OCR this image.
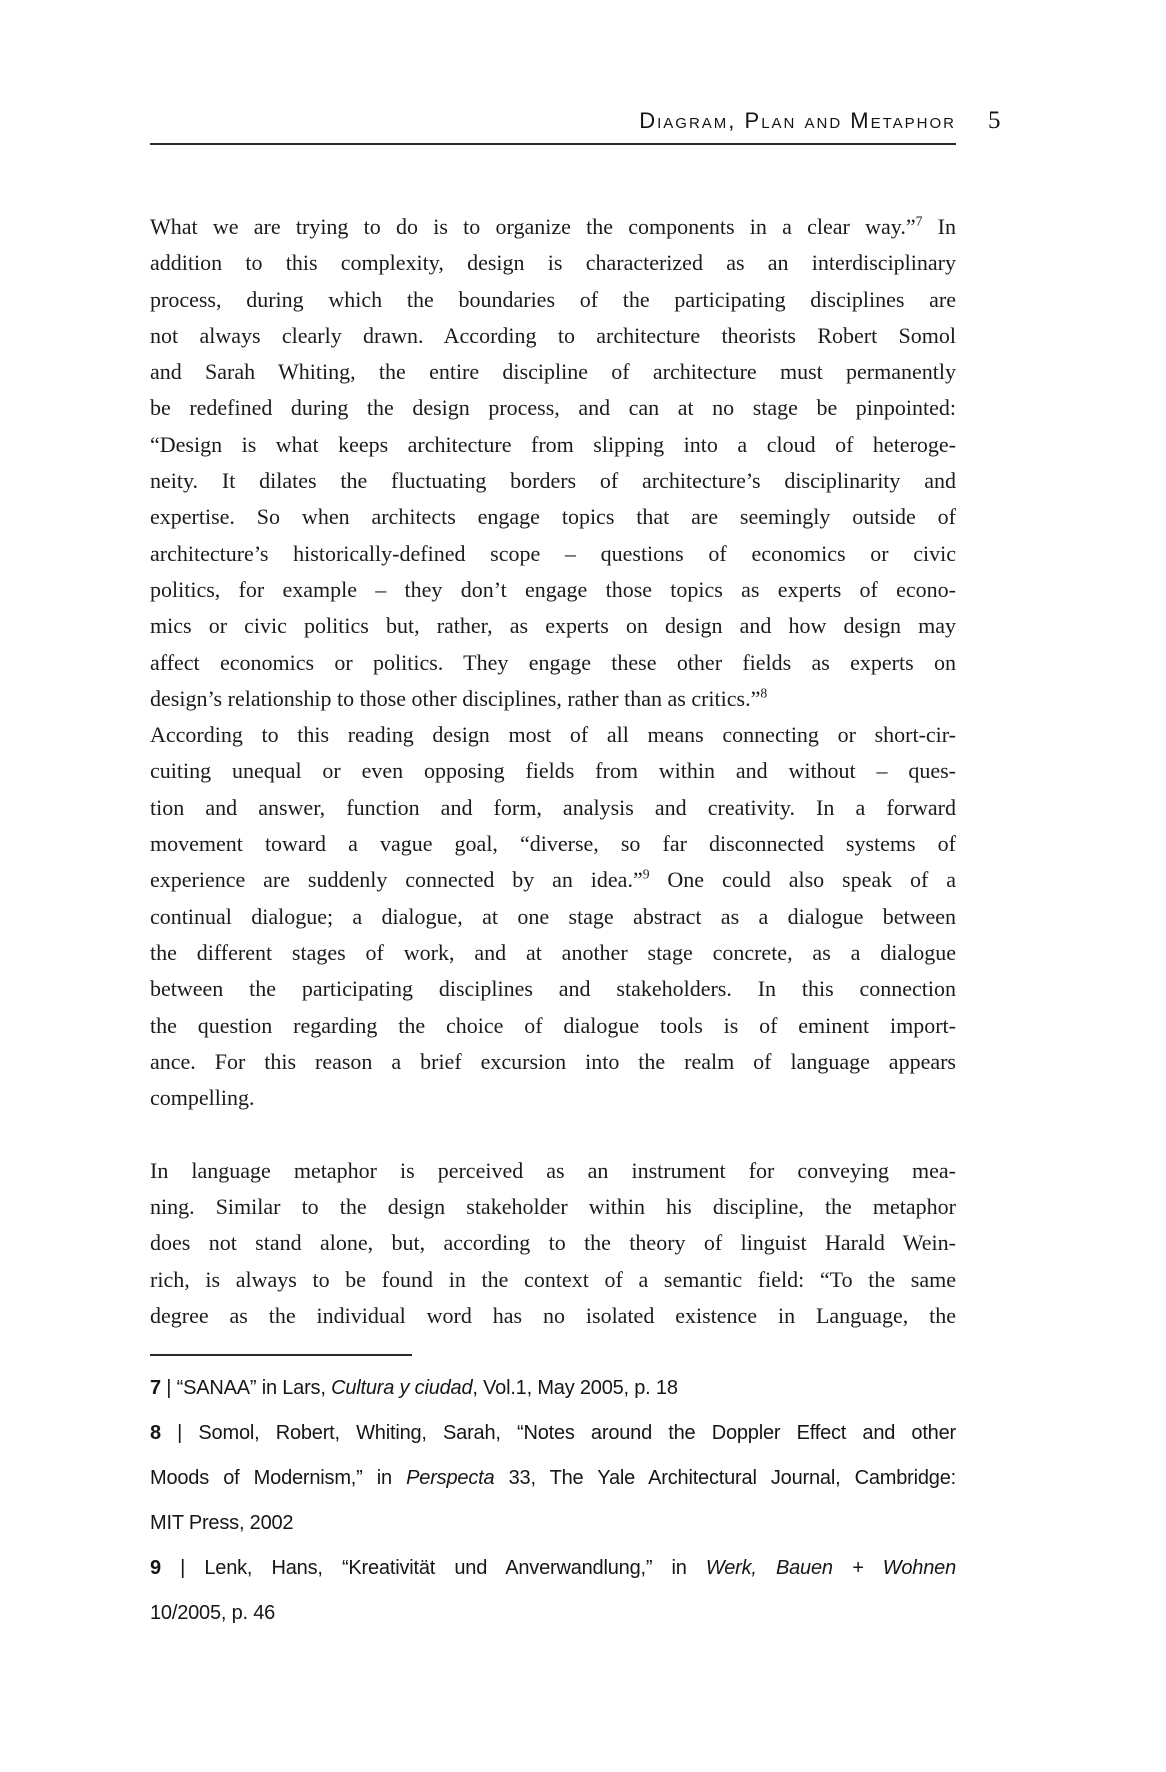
Diagram, Plan and Metaphor 5
What we are trying to do is to organize the components in a clear way.”$^7$ In
addition to this complexity, design is characterized as an interdisciplinary
process, during which the boundaries of the participating disciplines are
not always clearly drawn. According to architecture theorists Robert Somol
and Sarah Whiting, the entire discipline of architecture must permanently
be redefined during the design process, and can at no stage be pinpointed:
“Design is what keeps architecture from slipping into a cloud of heteroge-
neity. It dilates the fluctuating borders of architecture’s disciplinarity and
expertise. So when architects engage topics that are seemingly outside of
architecture’s historically-defined scope – questions of economics or civic
politics, for example – they don’t engage those topics as experts of econo-
mics or civic politics but, rather, as experts on design and how design may
affect economics or politics. They engage these other fields as experts on
design’s relationship to those other disciplines, rather than as critics.”$^8$
According to this reading design most of all means connecting or short-cir-
cuiting unequal or even opposing fields from within and without – ques-
tion and answer, function and form, analysis and creativity. In a forward
movement toward a vague goal, “diverse, so far disconnected systems of
experience are suddenly connected by an idea.”$^9$ One could also speak of a
continual dialogue; a dialogue, at one stage abstract as a dialogue between
the different stages of work, and at another stage concrete, as a dialogue
between the participating disciplines and stakeholders. In this connection
the question regarding the choice of dialogue tools is of eminent import-
ance. For this reason a brief excursion into the realm of language appears
compelling.
In language metaphor is perceived as an instrument for conveying mea-
ning. Similar to the design stakeholder within his discipline, the metaphor
does not stand alone, but, according to the theory of linguist Harald Wein-
rich, is always to be found in the context of a semantic field: “To the same
degree as the individual word has no isolated existence in Language, the
7 | “SANAA” in Lars, Cultura y ciudad, Vol.1, May 2005, p. 18
8 | Somol, Robert, Whiting, Sarah, “Notes around the Doppler Effect and other
Moods of Modernism,” in Perspecta 33, The Yale Architectural Journal, Cambridge:
MIT Press, 2002
9 | Lenk, Hans, “Kreativität und Anverwandlung,” in Werk, Bauen + Wohnen
10/2005, p. 46
